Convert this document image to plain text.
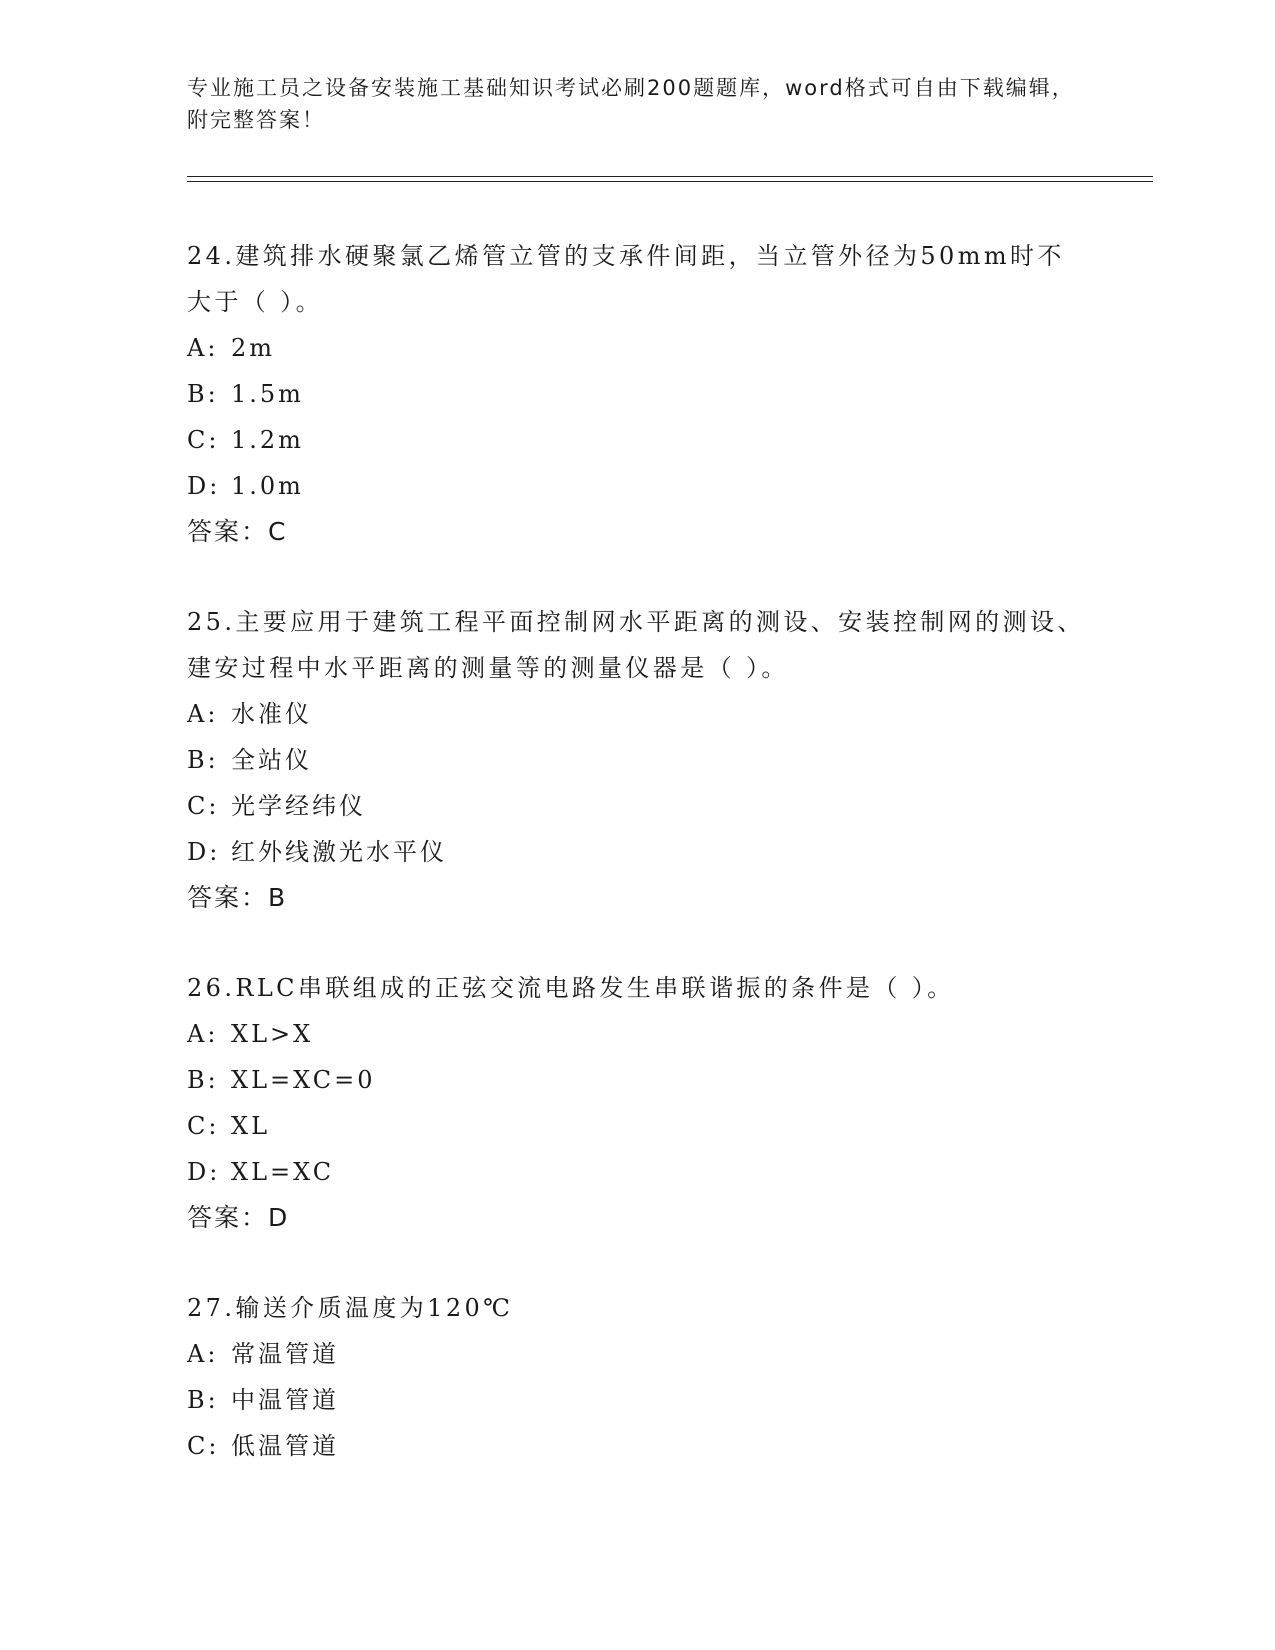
专业施工员之设备安装施工基础知识考试必刷200题题库，word格式可自由下载编辑，附完整答案！

24.建筑排水硬聚氯乙烯管立管的支承件间距，当立管外径为50mm时不大于（ ）。

A: 2m

B: 1.5m

C: 1.2m

D: 1.0m

答案：C

25.主要应用于建筑工程平面控制网水平距离的测设、安装控制网的测设、建安过程中水平距离的测量等的测量仪器是（ ）。

A: 水准仪

B: 全站仪

C: 光学经纬仪

D: 红外线激光水平仪

答案：B

26.RLC串联组成的正弦交流电路发生串联谐振的条件是（ ）。

A: XL>X

B: XL=XC=0

C: XL

D: XL=XC

答案：D

27.输送介质温度为120℃

A: 常温管道

B: 中温管道

C: 低温管道
